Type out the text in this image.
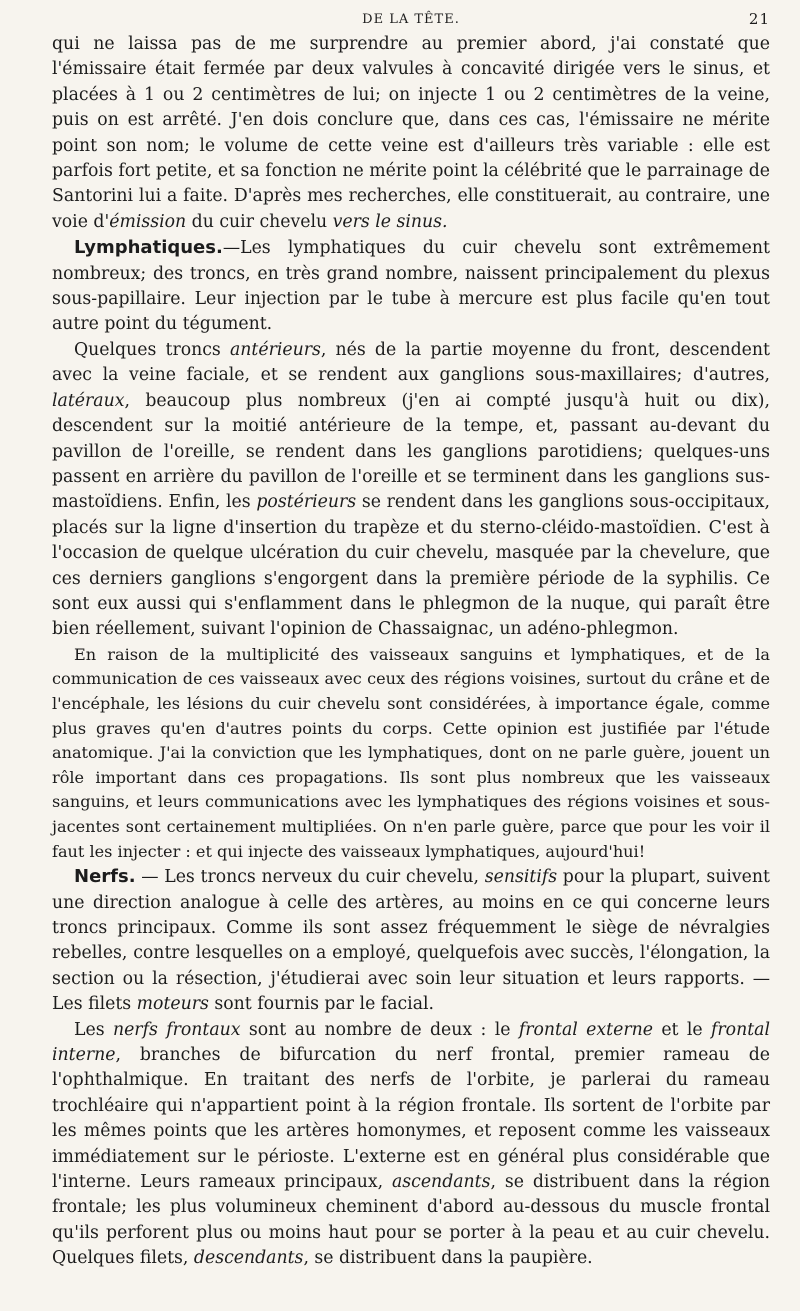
DE LA TÊTE.	21

qui ne laissa pas de me surprendre au premier abord, j'ai constaté que l'émissaire était fermée par deux valvules à concavité dirigée vers le sinus, et placées à 1 ou 2 centimètres de lui; on injecte 1 ou 2 centimètres de la veine, puis on est arrêté. J'en dois conclure que, dans ces cas, l'émissaire ne mérite point son nom; le volume de cette veine est d'ailleurs très variable : elle est parfois fort petite, et sa fonction ne mérite point la célébrité que le parrainage de Santorini lui a faite. D'après mes recherches, elle constituerait, au contraire, une voie d'émission du cuir chevelu vers le sinus.

Lymphatiques.—Les lymphatiques du cuir chevelu sont extrêmement nombreux; des troncs, en très grand nombre, naissent principalement du plexus sous-papillaire. Leur injection par le tube à mercure est plus facile qu'en tout autre point du tégument.

Quelques troncs antérieurs, nés de la partie moyenne du front, descendent avec la veine faciale, et se rendent aux ganglions sous-maxillaires; d'autres, latéraux, beaucoup plus nombreux (j'en ai compté jusqu'à huit ou dix), descendent sur la moitié antérieure de la tempe, et, passant au-devant du pavillon de l'oreille, se rendent dans les ganglions parotidiens; quelques-uns passent en arrière du pavillon de l'oreille et se terminent dans les ganglions sus-mastoïdiens. Enfin, les postérieurs se rendent dans les ganglions sous-occipitaux, placés sur la ligne d'insertion du trapèze et du sterno-cléido-mastoïdien. C'est à l'occasion de quelque ulcération du cuir chevelu, masquée par la chevelure, que ces derniers ganglions s'engorgent dans la première période de la syphilis. Ce sont eux aussi qui s'enflamment dans le phlegmon de la nuque, qui paraît être bien réellement, suivant l'opinion de Chassaignac, un adéno-phlegmon.

En raison de la multiplicité des vaisseaux sanguins et lymphatiques, et de la communication de ces vaisseaux avec ceux des régions voisines, surtout du crâne et de l'encéphale, les lésions du cuir chevelu sont considérées, à importance égale, comme plus graves qu'en d'autres points du corps. Cette opinion est justifiée par l'étude anatomique. J'ai la conviction que les lymphatiques, dont on ne parle guère, jouent un rôle important dans ces propagations. Ils sont plus nombreux que les vaisseaux sanguins, et leurs communications avec les lymphatiques des régions voisines et sous-jacentes sont certainement multipliées. On n'en parle guère, parce que pour les voir il faut les injecter : et qui injecte des vaisseaux lymphatiques, aujourd'hui!

Nerfs. — Les troncs nerveux du cuir chevelu, sensitifs pour la plupart, suivent une direction analogue à celle des artères, au moins en ce qui concerne leurs troncs principaux. Comme ils sont assez fréquemment le siège de névralgies rebelles, contre lesquelles on a employé, quelquefois avec succès, l'élongation, la section ou la résection, j'étudierai avec soin leur situation et leurs rapports. — Les filets moteurs sont fournis par le facial.

Les nerfs frontaux sont au nombre de deux : le frontal externe et le frontal interne, branches de bifurcation du nerf frontal, premier rameau de l'ophthalmique. En traitant des nerfs de l'orbite, je parlerai du rameau trochléaire qui n'appartient point à la région frontale. Ils sortent de l'orbite par les mêmes points que les artères homonymes, et reposent comme les vaisseaux immédiatement sur le périoste. L'externe est en général plus considérable que l'interne. Leurs rameaux principaux, ascendants, se distribuent dans la région frontale; les plus volumineux cheminent d'abord au-dessous du muscle frontal qu'ils perforent plus ou moins haut pour se porter à la peau et au cuir chevelu. Quelques filets, descendants, se distribuent dans la paupière.
